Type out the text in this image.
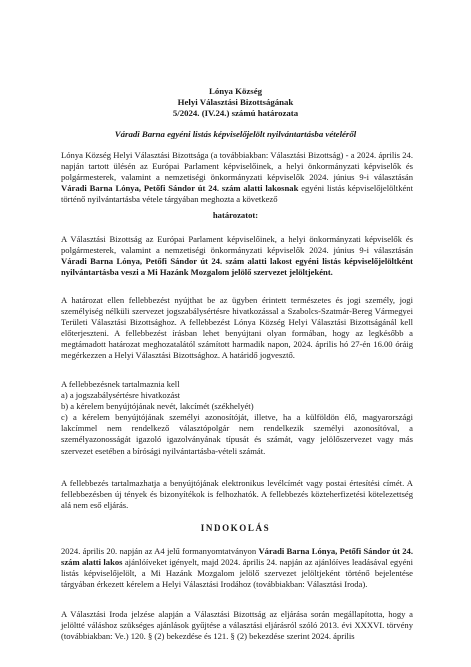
Lónya Község
Helyi Választási Bizottságának
5/2024. (IV.24.) számú határozata
Váradi Barna egyéni listás képviselőjelölt nyilvántartásba vételéről

Lónya Község Helyi Választási Bizottsága (a továbbiakban: Választási Bizottság) - a 2024. április 24. napján tartott ülésén az Európai Parlament képviselőinek, a helyi önkormányzati képviselők és polgármesterek, valamint a nemzetiségi önkormányzati képviselők 2024. június 9-i választásán Váradi Barna Lónya, Petőfi Sándor út 24. szám alatti lakosnak egyéni listás képviselőjelöltként történő nyilvántartásba vétele tárgyában meghozta a következő

határozatot:

A Választási Bizottság az Európai Parlament képviselőinek, a helyi önkormányzati képviselők és polgármesterek, valamint a nemzetiségi önkormányzati képviselők 2024. június 9-i választásán Váradi Barna Lónya, Petőfi Sándor út 24. szám alatti lakost egyéni listás képviselőjelöltként nyilvántartásba veszi a Mi Hazánk Mozgalom jelölő szervezet jelöltjeként.

A határozat ellen fellebbezést nyújthat be az ügyben érintett természetes és jogi személy, jogi személyiség nélküli szervezet jogszabálysértésre hivatkozással a Szabolcs-Szatmár-Bereg Vármegyei Területi Választási Bizottsághoz. A fellebbezést Lónya Község Helyi Választási Bizottságánál kell előterjeszteni. A fellebbezést írásban lehet benyújtani olyan formában, hogy az legkésőbb a megtámadott határozat meghozatalától számított harmadik napon, 2024. április hó 27-én 16.00 óráig megérkezzen a Helyi Választási Bizottsághoz. A határidő jogvesztő.

A fellebbezésnek tartalmaznia kell
a) a jogszabálysértésre hivatkozást
b) a kérelem benyújtójának nevét, lakcímét (székhelyét)
c) a kérelem benyújtójának személyi azonosítóját, illetve, ha a külföldön élő, magyarországi lakcímmel nem rendelkező választópolgár nem rendelkezik személyi azonosítóval, a személyazonosságát igazoló igazolványának típusát és számát, vagy jelölőszervezet vagy más szervezet esetében a bírósági nyilvántartásba-vételi számát.

A fellebbezés tartalmazhatja a benyújtójának elektronikus levélcímét vagy postai értesítési címét. A fellebbezésben új tények és bizonyítékok is felhozhatók. A fellebbezés közteherfizetési kötelezettség alá nem eső eljárás.

INDOKOLÁS

2024. április 20. napján az A4 jelű formanyomtatványon Váradi Barna Lónya, Petőfi Sándor út 24. szám alatti lakos ajánlóíveket igényelt, majd 2024. április 24. napján az ajánlóíves leadásával egyéni listás képviselőjelölt, a Mi Hazánk Mozgalom jelölő szervezet jelöltjeként történő bejelentése tárgyában érkezett kérelem a Helyi Választási Irodához (továbbiakban: Választási Iroda).

A Választási Iroda jelzése alapján a Választási Bizottság az eljárása során megállapította, hogy a jelöltté váláshoz szükséges ajánlások gyűjtése a választási eljárásról szóló 2013. évi XXXVI. törvény (továbbiakban: Ve.) 120. § (2) bekezdése és 121. § (2) bekezdése szerint 2024. április
